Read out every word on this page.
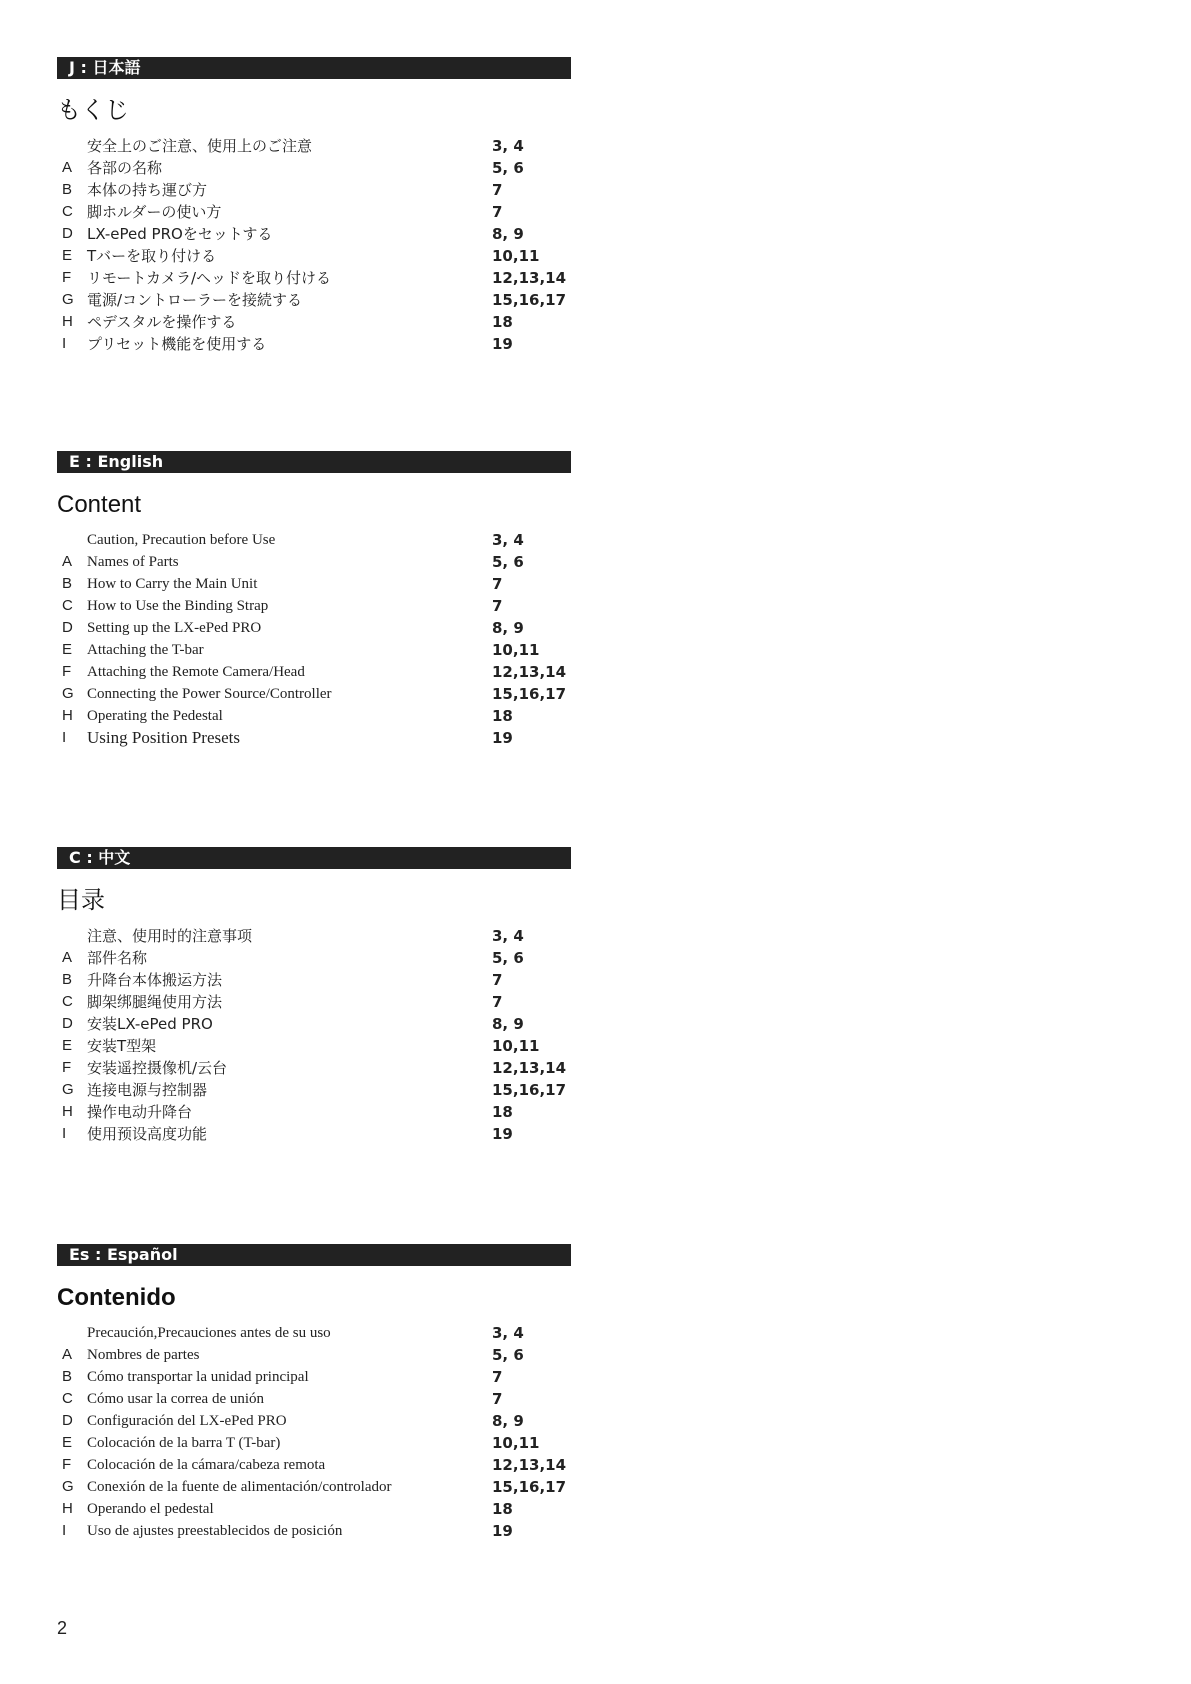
J : 日本語
もくじ
安全上のご注意、使用上のご注意	3, 4
A 各部の名称	5, 6
B 本体の持ち運び方	7
C 脚ホルダーの使い方	7
D LX-ePed PROをセットする	8, 9
E Tバーを取り付ける	10,11
F	リモートカメラ/ヘッドを取り付ける	12,13,14
G 電源/コントローラーを接続する	15,16,17
H ペデスタルを操作する	18
I	プリセット機能を使用する	19
E : English
Content
Caution, Precaution before Use	3, 4
A Names of Parts	5, 6
B How to Carry the Main Unit	7
C How to Use the Binding Strap	7
D Setting up the LX-ePed PRO	8, 9
E Attaching the T-bar	10,11
F	Attaching the Remote Camera/Head	12,13,14
G Connecting the Power Source/Controller	15,16,17
H Operating the Pedestal	18
I	Using Position Presets	19
C : 中文
目录
注意、使用时的注意事项	3, 4
A 部件名称	5, 6
B 升降台本体搬运方法	7
C 脚架绑腿绳使用方法	7
D 安装LX-ePed PRO	8, 9
E 安装T型架	10,11
F	安装遥控摄像机/云台	12,13,14
G 连接电源与控制器	15,16,17
H 操作电动升降台	18
I	使用预设高度功能	19
Es : Español
Contenido
Precaución,Precauciones antes de su uso	3, 4
A Nombres de partes	5, 6
B Cómo transportar la unidad principal	7
C Cómo usar la correa de unión	7
D Configuración del LX-ePed PRO	8, 9
E Colocación de la barra T (T-bar)	10,11
F	Colocación de la cámara/cabeza remota	12,13,14
G Conexión de la fuente de alimentación/controlador	15,16,17
H Operando el pedestal	18
I	Uso de ajustes preestablecidos de posición	19
2
